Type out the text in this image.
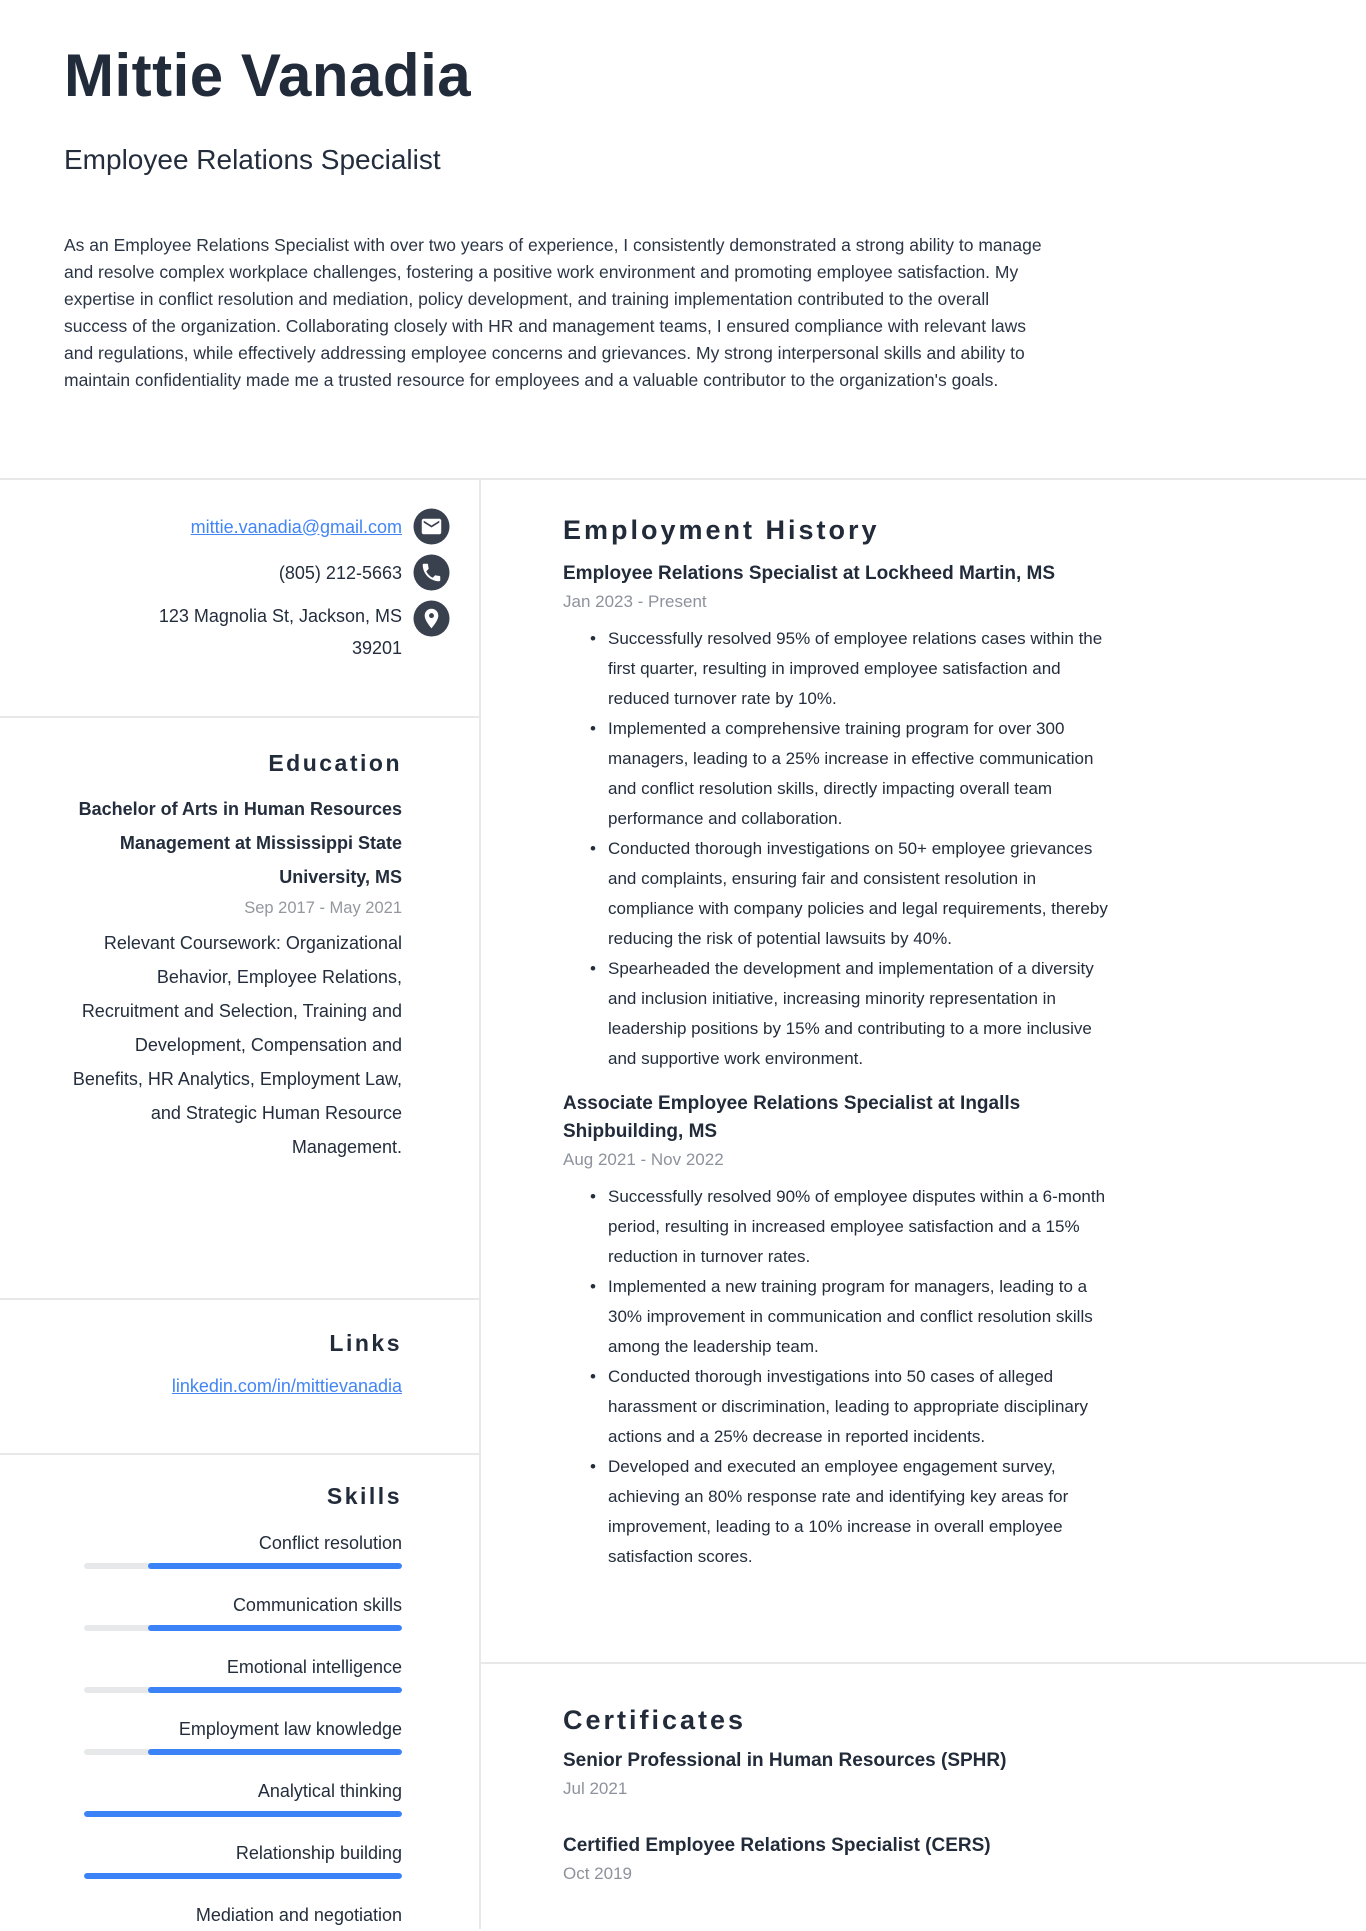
Mittie Vanadia
Employee Relations Specialist

As an Employee Relations Specialist with over two years of experience, I consistently demonstrated a strong ability to manage and resolve complex workplace challenges, fostering a positive work environment and promoting employee satisfaction. My expertise in conflict resolution and mediation, policy development, and training implementation contributed to the overall success of the organization. Collaborating closely with HR and management teams, I ensured compliance with relevant laws and regulations, while effectively addressing employee concerns and grievances. My strong interpersonal skills and ability to maintain confidentiality made me a trusted resource for employees and a valuable contributor to the organization's goals.

mittie.vanadia@gmail.com
(805) 212-5663
123 Magnolia St, Jackson, MS
39201
Education
Bachelor of Arts in Human Resources Management at Mississippi State University, MS
Sep 2017 - May 2021
Relevant Coursework: Organizational Behavior, Employee Relations, Recruitment and Selection, Training and Development, Compensation and Benefits, HR Analytics, Employment Law, and Strategic Human Resource Management.
Links
linkedin.com/in/mittievanadia
Skills
Conflict resolution
Communication skills
Emotional intelligence
Employment law knowledge
Analytical thinking
Relationship building
Mediation and negotiation
Employment History
Employee Relations Specialist at Lockheed Martin, MS
Jan 2023 - Present
• Successfully resolved 95% of employee relations cases within the first quarter, resulting in improved employee satisfaction and reduced turnover rate by 10%.
• Implemented a comprehensive training program for over 300 managers, leading to a 25% increase in effective communication and conflict resolution skills, directly impacting overall team performance and collaboration.
• Conducted thorough investigations on 50+ employee grievances and complaints, ensuring fair and consistent resolution in compliance with company policies and legal requirements, thereby reducing the risk of potential lawsuits by 40%.
• Spearheaded the development and implementation of a diversity and inclusion initiative, increasing minority representation in leadership positions by 15% and contributing to a more inclusive and supportive work environment.
Associate Employee Relations Specialist at Ingalls Shipbuilding, MS
Aug 2021 - Nov 2022
• Successfully resolved 90% of employee disputes within a 6-month period, resulting in increased employee satisfaction and a 15% reduction in turnover rates.
• Implemented a new training program for managers, leading to a 30% improvement in communication and conflict resolution skills among the leadership team.
• Conducted thorough investigations into 50 cases of alleged harassment or discrimination, leading to appropriate disciplinary actions and a 25% decrease in reported incidents.
• Developed and executed an employee engagement survey, achieving an 80% response rate and identifying key areas for improvement, leading to a 10% increase in overall employee satisfaction scores.
Certificates
Senior Professional in Human Resources (SPHR)
Jul 2021
Certified Employee Relations Specialist (CERS)
Oct 2019
